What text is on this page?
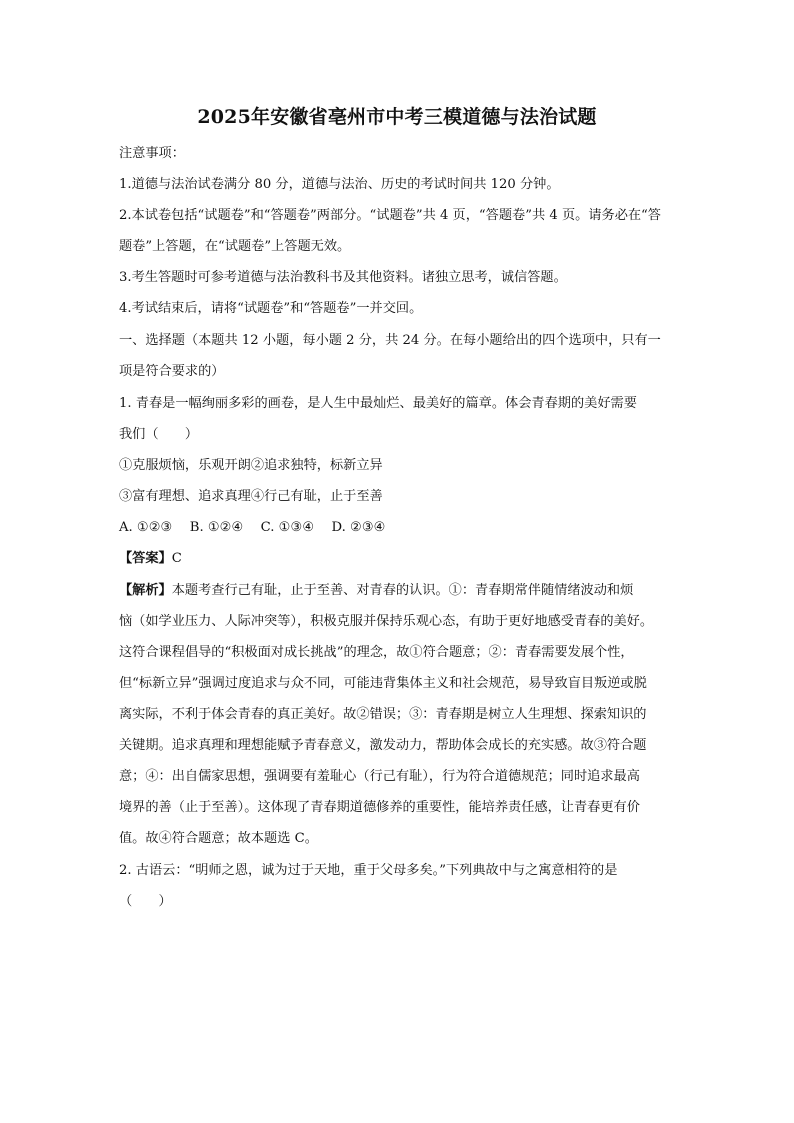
2025年安徽省亳州市中考三模道德与法治试题
注意事项：
1.道德与法治试卷满分 80 分，道德与法治、历史的考试时间共 120 分钟。
2.本试卷包括“试题卷”和“答题卷”两部分。“试题卷”共 4 页，“答题卷”共 4 页。请务必在“答
题卷”上答题，在“试题卷”上答题无效。
3.考生答题时可参考道德与法治教科书及其他资料。诸独立思考，诚信答题。
4.考试结束后，请将“试题卷”和“答题卷”一并交回。
一、选择题（本题共 12 小题，每小题 2 分，共 24 分。在每小题给出的四个选项中，只有一
项是符合要求的）
1. 青春是一幅绚丽多彩的画卷，是人生中最灿烂、最美好的篇章。体会青春期的美好需要
我们（　　）
①克服烦恼，乐观开朗②追求独特，标新立异
③富有理想、追求真理④行己有耻，止于至善
A. ①②③　 B. ①②④　 C. ①③④　 D. ②③④
【答案】C
【解析】本题考查行己有耻，止于至善、对青春的认识。①：青春期常伴随情绪波动和烦
恼（如学业压力、人际冲突等），积极克服并保持乐观心态，有助于更好地感受青春的美好。
这符合课程倡导的“积极面对成长挑战”的理念，故①符合题意；②：青春需要发展个性，
但“标新立异”强调过度追求与众不同，可能违背集体主义和社会规范，易导致盲目叛逆或脱
离实际，不利于体会青春的真正美好。故②错误；③：青春期是树立人生理想、探索知识的
关键期。追求真理和理想能赋予青春意义，激发动力，帮助体会成长的充实感。故③符合题
意；④：出自儒家思想，强调要有羞耻心（行己有耻），行为符合道德规范；同时追求最高
境界的善（止于至善）。这体现了青春期道德修养的重要性，能培养责任感，让青春更有价
值。故④符合题意；故本题选 C。
2. 古语云：“明师之恩，诚为过于天地，重于父母多矣。”下列典故中与之寓意相符的是
（　　）
